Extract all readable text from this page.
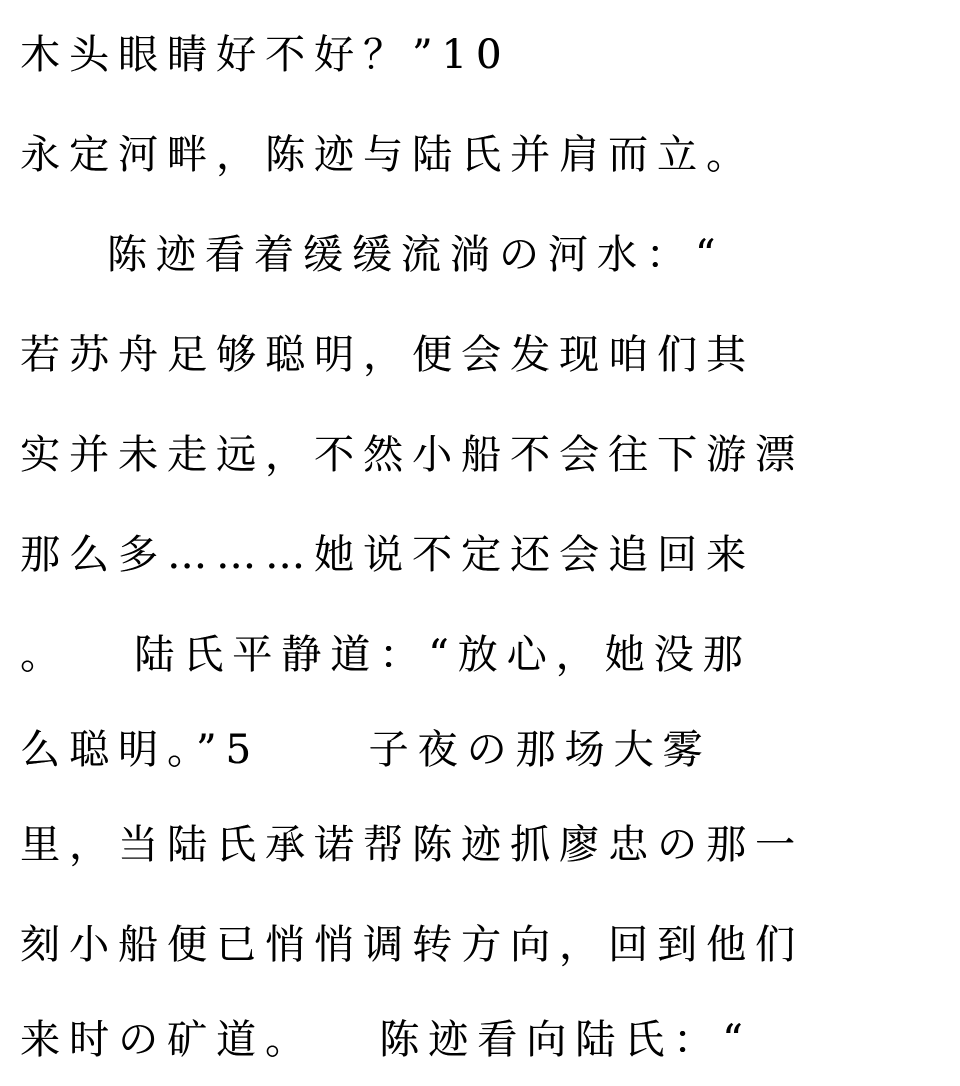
木头眼睛好不好？”10
永定河畔，陈迹与陆氏并肩而立。
陈迹看着缓缓流淌の河水：“
若苏舟足够聪明，便会发现咱们其
实并未走远，不然小船不会往下游漂
那么多………她说不定还会追回来
。   陆氏平静道：“放心，她没那
么聪明。”5     子夜の那场大雾
里，当陆氏承诺帮陈迹抓廖忠の那一
刻小船便已悄悄调转方向，回到他们
来时の矿道。   陈迹看向陆氏：“
